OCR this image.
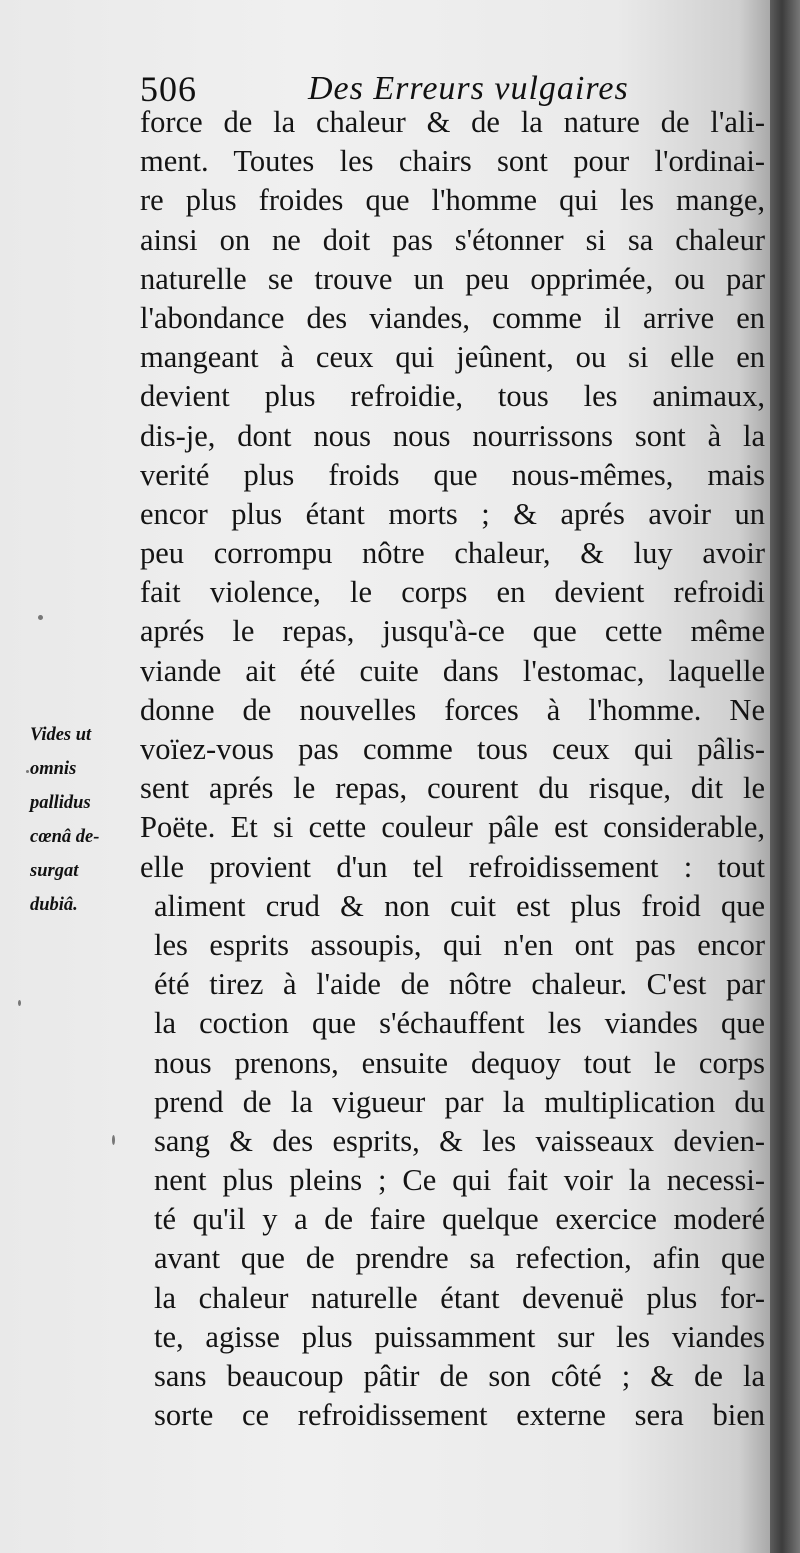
506	Des Erreurs vulgaires
force de la chaleur & de la nature de l'ali-
ment. Toutes les chairs sont pour l'ordinai-
re plus froides que l'homme qui les mange,
ainsi on ne doit pas s'étonner si sa chaleur
naturelle se trouve un peu opprimée, ou par
l'abondance des viandes, comme il arrive en
mangeant à ceux qui jeûnent, ou si elle en
devient plus refroidie, tous les animaux,
dis-je, dont nous nous nourrissons sont à la
verité plus froids que nous-mêmes, mais
encor plus étant morts ; & aprés avoir un
peu corrompu nôtre chaleur, & luy avoir
fait violence, le corps en devient refroidi
aprés le repas, jusqu'à-ce que cette même
viande ait été cuite dans l'estomac, laquelle
donne de nouvelles forces à l'homme. Ne
voïez-vous pas comme tous ceux qui pâlis-
sent aprés le repas, courent du risque, dit le
Poëte. Et si cette couleur pâle est considerable,
elle provient d'un tel refroidissement : tout
aliment crud & non cuit est plus froid que
les esprits assoupis, qui n'en ont pas encor
été tirez à l'aide de nôtre chaleur. C'est par
la coction que s'échauffent les viandes que
nous prenons, ensuite dequoy tout le corps
prend de la vigueur par la multiplication du
sang & des esprits, & les vaisseaux devien-
nent plus pleins ; Ce qui fait voir la necessi-
té qu'il y a de faire quelque exercice moderé
avant que de prendre sa refection, afin que
la chaleur naturelle étant devenuë plus for-
te, agisse plus puissamment sur les viandes
sans beaucoup pâtir de son côté ; & de la
sorte ce refroidissement externe sera bien
Vides ut
omnis
pallidus
cœnâ de-
surgat
dubiâ.
